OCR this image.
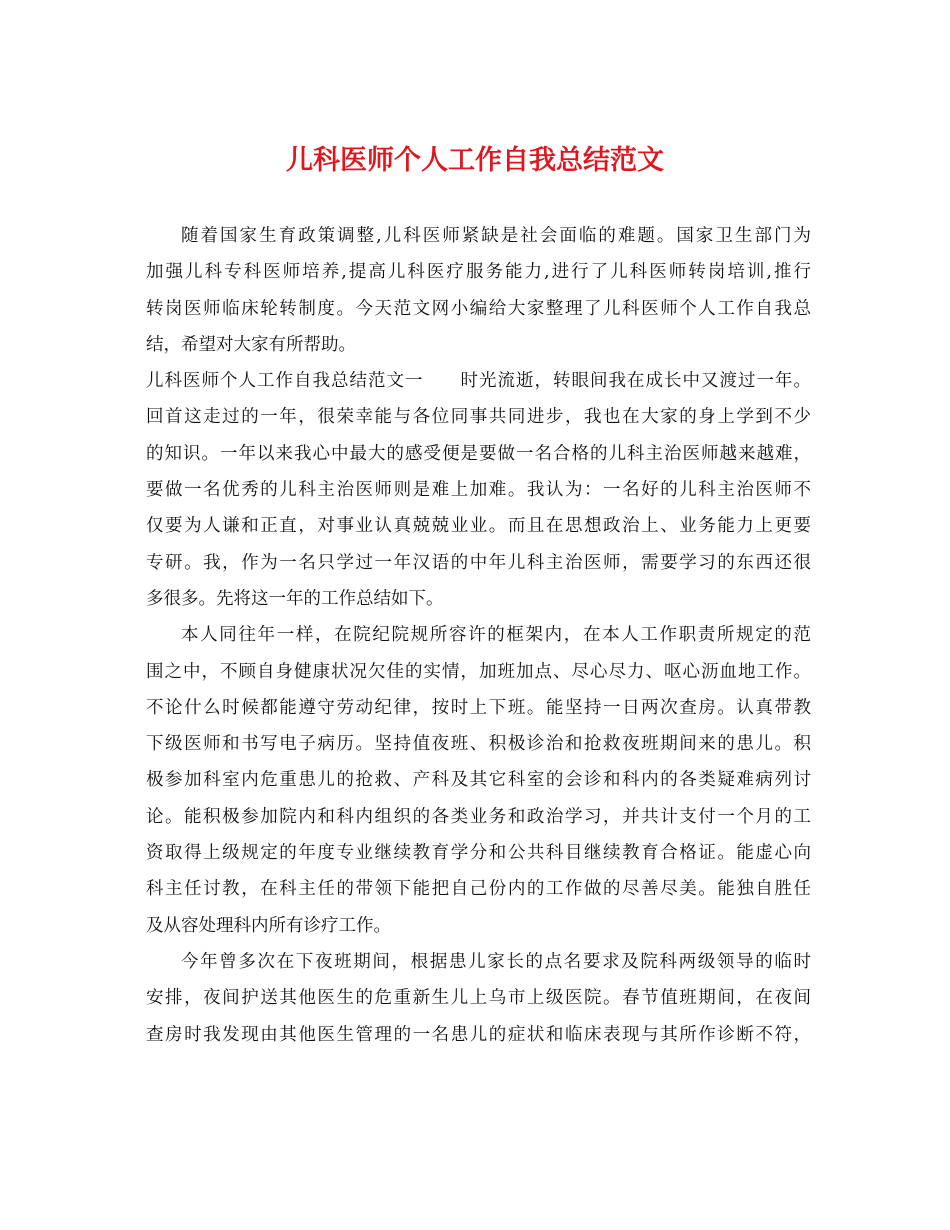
儿科医师个人工作自我总结范文
随着国家生育政策调整,儿科医师紧缺是社会面临的难题。国家卫生部门为
加强儿科专科医师培养,提高儿科医疗服务能力,进行了儿科医师转岗培训,推行
转岗医师临床轮转制度。今天范文网小编给大家整理了儿科医师个人工作自我总
结，希望对大家有所帮助。
儿科医师个人工作自我总结范文一　　时光流逝，转眼间我在成长中又渡过一年。
回首这走过的一年，很荣幸能与各位同事共同进步，我也在大家的身上学到不少
的知识。一年以来我心中最大的感受便是要做一名合格的儿科主治医师越来越难，
要做一名优秀的儿科主治医师则是难上加难。我认为：一名好的儿科主治医师不
仅要为人谦和正直，对事业认真兢兢业业。而且在思想政治上、业务能力上更要
专研。我，作为一名只学过一年汉语的中年儿科主治医师，需要学习的东西还很
多很多。先将这一年的工作总结如下。
本人同往年一样，在院纪院规所容许的框架内，在本人工作职责所规定的范
围之中，不顾自身健康状况欠佳的实情，加班加点、尽心尽力、呕心沥血地工作。
不论什么时候都能遵守劳动纪律，按时上下班。能坚持一日两次查房。认真带教
下级医师和书写电子病历。坚持值夜班、积极诊治和抢救夜班期间来的患儿。积
极参加科室内危重患儿的抢救、产科及其它科室的会诊和科内的各类疑难病列讨
论。能积极参加院内和科内组织的各类业务和政治学习，并共计支付一个月的工
资取得上级规定的年度专业继续教育学分和公共科目继续教育合格证。能虚心向
科主任讨教，在科主任的带领下能把自己份内的工作做的尽善尽美。能独自胜任
及从容处理科内所有诊疗工作。
今年曾多次在下夜班期间，根据患儿家长的点名要求及院科两级领导的临时
安排，夜间护送其他医生的危重新生儿上乌市上级医院。春节值班期间，在夜间
查房时我发现由其他医生管理的一名患儿的症状和临床表现与其所作诊断不符，
